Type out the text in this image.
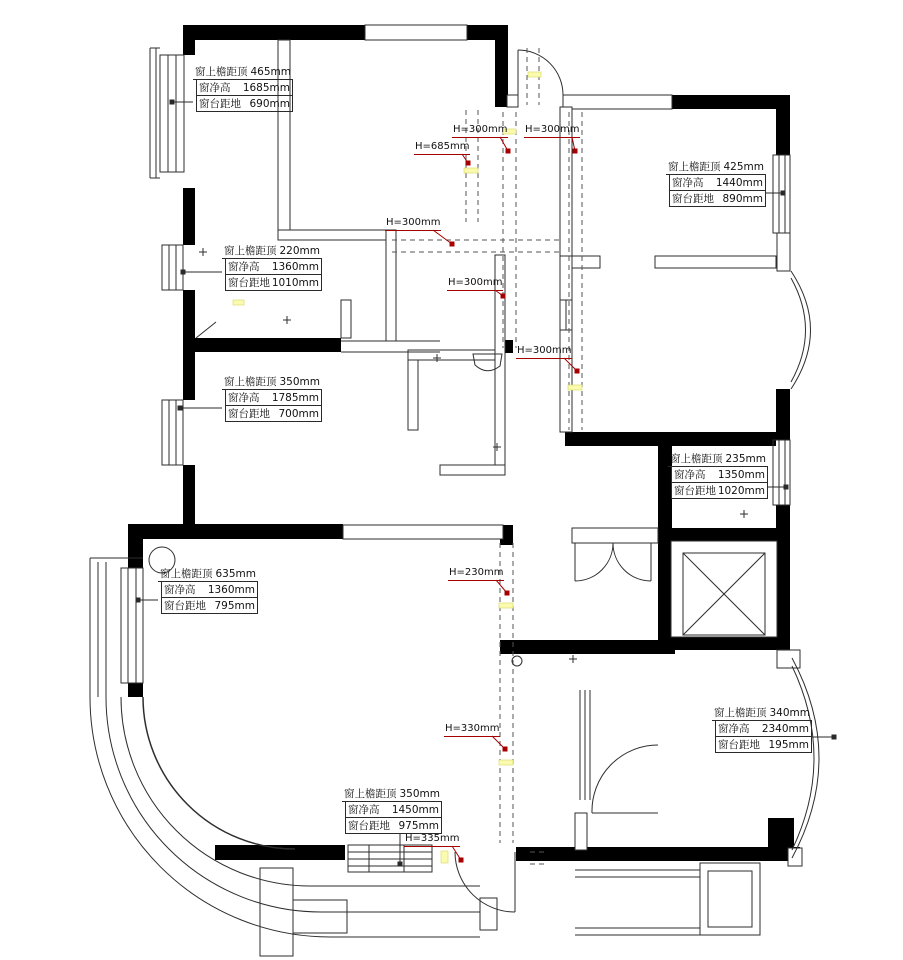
窗上檐距顶 465mm
窗净高 1685mm
窗台距地 690mm
窗上檐距顶 220mm
窗净高 1360mm
窗台距地 1010mm
窗上檐距顶 350mm
窗净高 1785mm
窗台距地 700mm
窗上檐距顶 635mm
窗净高 1360mm
窗台距地 795mm
窗上檐距顶 425mm
窗净高 1440mm
窗台距地 890mm
窗上檐距顶 235mm
窗净高 1350mm
窗台距地 1020mm
窗上檐距顶 340mm
窗净高 2340mm
窗台距地 195mm
窗上檐距顶 350mm
窗净高 1450mm
窗台距地 975mm
H=300mm H=300mm
H=685mm
H=300mm
H=300mm
H=300mm
H=230mm
H=330mm
H=335mm
